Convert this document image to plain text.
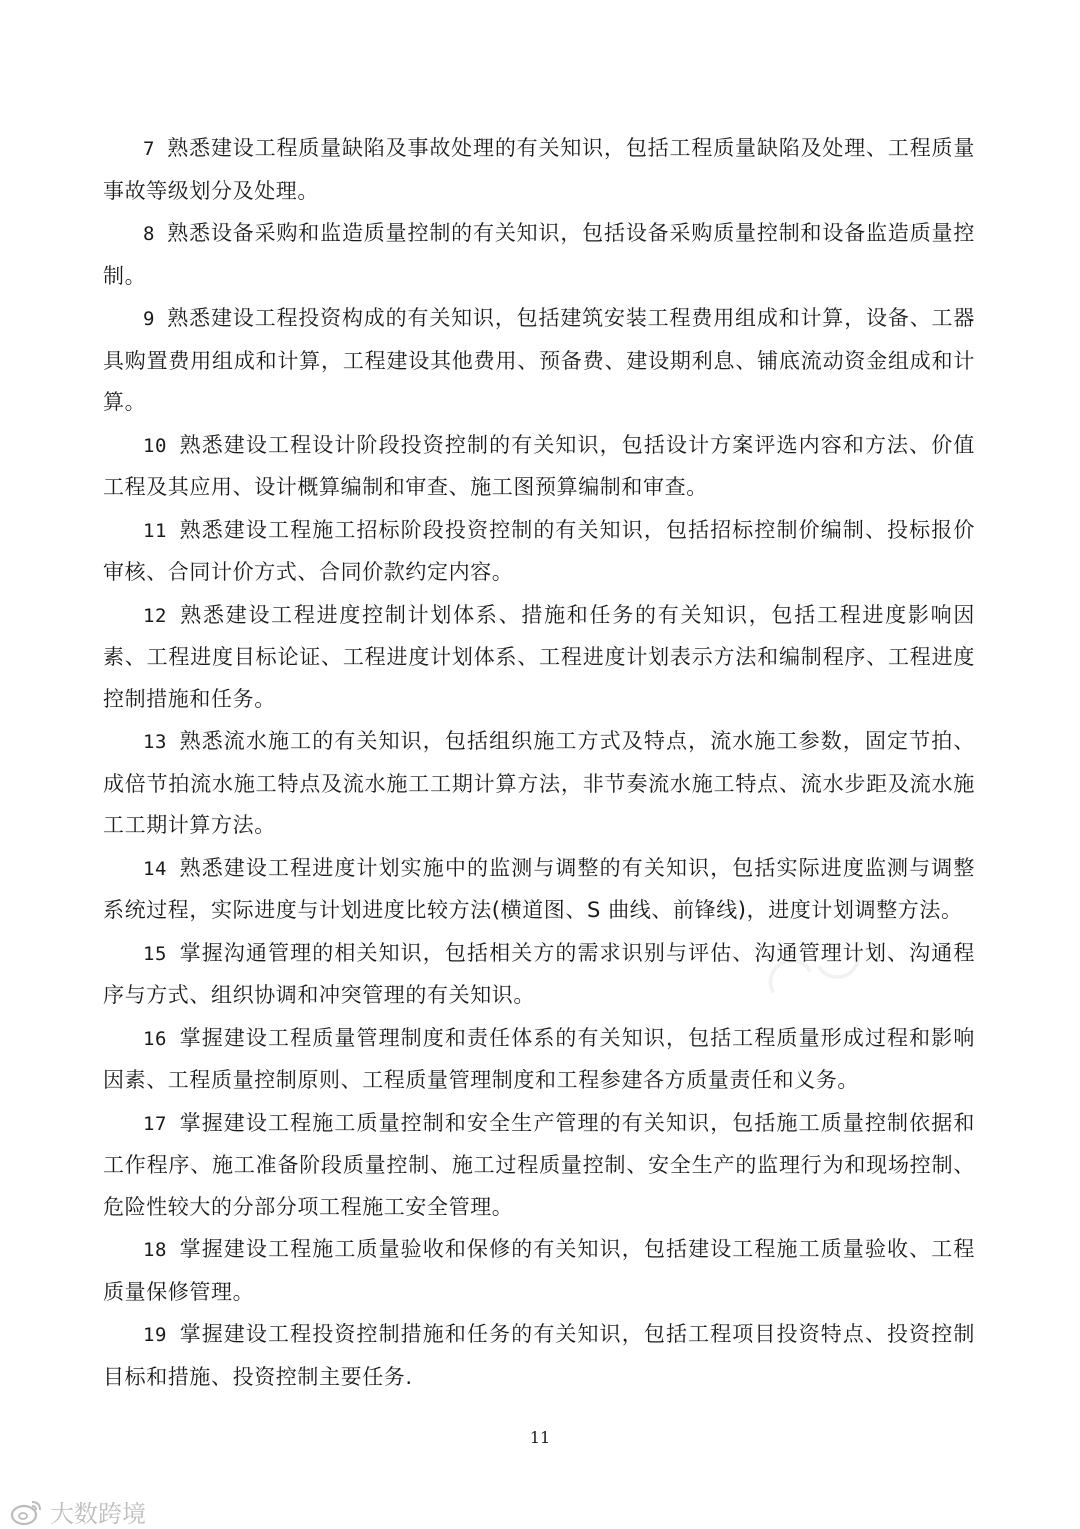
◠◡

7 熟悉建设工程质量缺陷及事故处理的有关知识，包括工程质量缺陷及处理、工程质量事故等级划分及处理。

8 熟悉设备采购和监造质量控制的有关知识，包括设备采购质量控制和设备监造质量控制。

9 熟悉建设工程投资构成的有关知识，包括建筑安装工程费用组成和计算，设备、工器具购置费用组成和计算，工程建设其他费用、预备费、建设期利息、铺底流动资金组成和计算。

10 熟悉建设工程设计阶段投资控制的有关知识，包括设计方案评选内容和方法、价值工程及其应用、设计概算编制和审查、施工图预算编制和审查。

11 熟悉建设工程施工招标阶段投资控制的有关知识，包括招标控制价编制、投标报价审核、合同计价方式、合同价款约定内容。

12 熟悉建设工程进度控制计划体系、措施和任务的有关知识，包括工程进度影响因素、工程进度目标论证、工程进度计划体系、工程进度计划表示方法和编制程序、工程进度控制措施和任务。

13 熟悉流水施工的有关知识，包括组织施工方式及特点，流水施工参数，固定节拍、成倍节拍流水施工特点及流水施工工期计算方法，非节奏流水施工特点、流水步距及流水施工工期计算方法。

14 熟悉建设工程进度计划实施中的监测与调整的有关知识，包括实际进度监测与调整系统过程，实际进度与计划进度比较方法(横道图、S 曲线、前锋线)，进度计划调整方法。

15 掌握沟通管理的相关知识，包括相关方的需求识别与评估、沟通管理计划、沟通程序与方式、组织协调和冲突管理的有关知识。

16 掌握建设工程质量管理制度和责任体系的有关知识，包括工程质量形成过程和影响因素、工程质量控制原则、工程质量管理制度和工程参建各方质量责任和义务。

17 掌握建设工程施工质量控制和安全生产管理的有关知识，包括施工质量控制依据和工作程序、施工准备阶段质量控制、施工过程质量控制、安全生产的监理行为和现场控制、危险性较大的分部分项工程施工安全管理。

18 掌握建设工程施工质量验收和保修的有关知识，包括建设工程施工质量验收、工程质量保修管理。

19 掌握建设工程投资控制措施和任务的有关知识，包括工程项目投资特点、投资控制目标和措施、投资控制主要任务.

11
大数跨境
